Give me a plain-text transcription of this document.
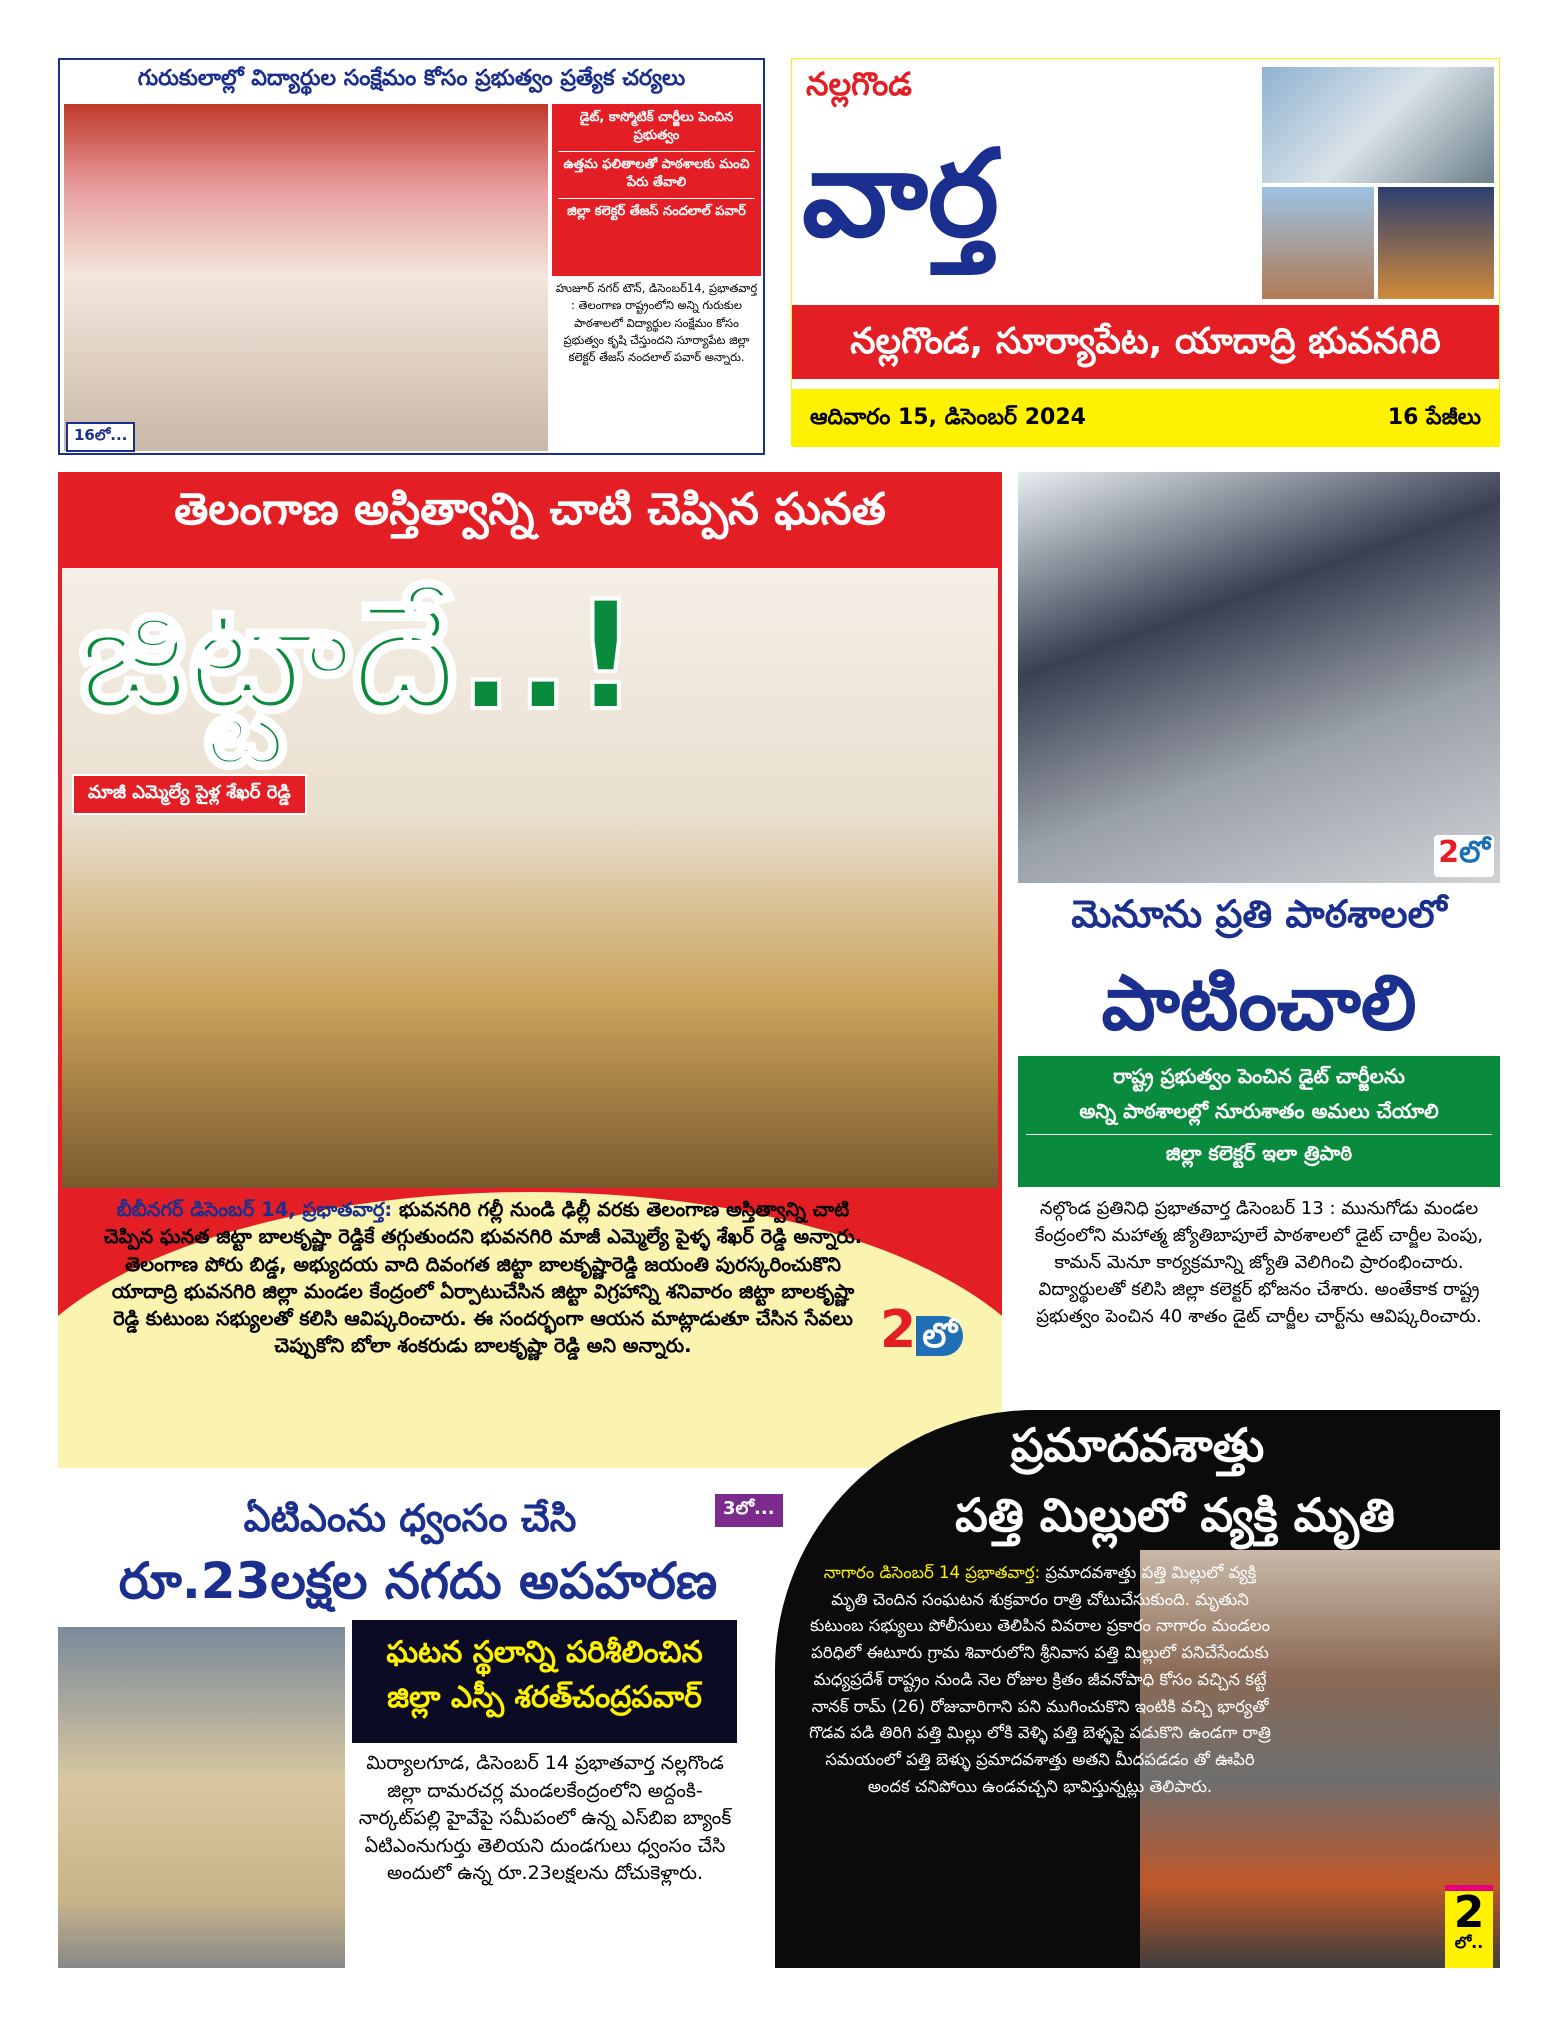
గురుకులాల్లో విద్యార్థుల సంక్షేమం కోసం ప్రభుత్వం ప్రత్యేక చర్యలు
డైట్, కాస్మోటిక్ చార్జీలు పెంచిన ప్రభుత్వం
ఉత్తమ ఫలితాలతో పాఠశాలకు మంచి పేరు తేవాలి
జిల్లా కలెక్టర్ తేజస్ నందలాల్ పవార్

హుజూర్ నగర్ టౌన్, డిసెంబర్14, ప్రభాతవార్త : తెలంగాణ రాష్ట్రంలోని అన్ని గురుకుల పాఠశాలలో విద్యార్థుల సంక్షేమం కోసం ప్రభుత్వం కృషి చేస్తుందని సూర్యాపేట జిల్లా కలెక్టర్ తేజస్ నందలాల్ పవార్ అన్నారు.

16లో...
నల్లగొండ
వార్త
నల్లగొండ, సూర్యాపేట, యాదాద్రి భువనగిరి
ఆదివారం 15, డిసెంబర్ 2024	16 పేజీలు
తెలంగాణ అస్తిత్వాన్ని చాటి చెప్పిన ఘనత
జిట్టాదే..!
మాజీ ఎమ్మెల్యే పైళ్ల శేఖర్ రెడ్డి

బీబీనగర్ డిసెంబర్ 14, ప్రభాతవార్త: భువనగిరి గల్లీ నుండి ఢిల్లీ వరకు తెలంగాణ అస్తిత్వాన్ని చాటి చెప్పిన ఘనత జిట్టా బాలకృష్ణా రెడ్డికే తగ్గుతుందని భువనగిరి మాజీ ఎమ్మెల్యే పైళ్ళ శేఖర్ రెడ్డి అన్నారు. తెలంగాణ పోరు బిడ్డ, అభ్యుదయ వాది దివంగత జిట్టా బాలకృష్ణారెడ్డి జయంతి పురస్కరించుకొని యాదాద్రి భువనగిరి జిల్లా మండల కేంద్రంలో ఏర్పాటుచేసిన జిట్టా విగ్రహాన్ని శనివారం జిట్టా బాలకృష్ణా రెడ్డి కుటుంబ సభ్యులతో కలిసి ఆవిష్కరించారు. ఈ సందర్భంగా ఆయన మాట్లాడుతూ చేసిన సేవలు చెప్పుకోని బోలా శంకరుడు బాలకృష్ణా రెడ్డి అని అన్నారు.	2 లో
2లో
మెనూను ప్రతి పాఠశాలలో
పాటించాలి
రాష్ట్ర ప్రభుత్వం పెంచిన డైట్ చార్జీలను
అన్ని పాఠశాలల్లో నూరుశాతం అమలు చేయాలి
జిల్లా కలెక్టర్ ఇలా త్రిపాఠి

నల్గొండ ప్రతినిధి ప్రభాతవార్త డిసెంబర్ 13 : మునుగోడు మండల కేంద్రంలోని మహాత్మ జ్యోతిబాపూలే పాఠశాలలో డైట్ చార్జీల పెంపు, కామన్ మెనూ కార్యక్రమాన్ని జ్యోతి వెలిగించి ప్రారంభించారు. విద్యార్థులతో కలిసి జిల్లా కలెక్టర్ భోజనం చేశారు. అంతేకాక రాష్ట్ర ప్రభుత్వం పెంచిన 40 శాతం డైట్ చార్జీల చార్ట్‌ను ఆవిష్కరించారు.

ఏటిఎంను ధ్వంసం చేసి	3లో...
రూ.23లక్షల నగదు అపహరణ
ఘటన స్థలాన్ని పరిశీలించిన
జిల్లా ఎస్పీ శరత్‌చంద్రపవార్

మిర్యాలగూడ, డిసెంబర్ 14 ప్రభాతవార్త నల్లగొండ జిల్లా దామరచర్ల మండలకేంద్రంలోని అద్దంకి-నార్కట్‌పల్లి హైవేపై సమీపంలో ఉన్న ఎస్‌బిఐ బ్యాంక్ ఏటిఎంనుగుర్తు తెలియని దుండగులు ధ్వంసం చేసి అందులో ఉన్న రూ.23లక్షలను దోచుకెళ్లారు.

ప్రమాదవశాత్తు
పత్తి మిల్లులో వ్యక్తి మృతి

నాగారం డిసెంబర్ 14 ప్రభాతవార్త: ప్రమాదవశాత్తు పత్తి మిల్లులో వ్యక్తి మృతి చెందిన సంఘటన శుక్రవారం రాత్రి చోటుచేసుకుంది. మృతుని కుటుంబ సభ్యులు పోలీసులు తెలిపిన వివరాల ప్రకారం నాగారం మండలం పరిధిలో ఈటూరు గ్రామ శివారులోని శ్రీనివాస పత్తి మిల్లులో పనిచేసేందుకు మధ్యప్రదేశ్ రాష్ట్రం నుండి నెల రోజుల క్రితం జీవనోపాధి కోసం వచ్చిన కట్టే నానక్ రామ్ (26) రోజువారిగాని పని ముగించుకొని ఇంటికి వచ్చి భార్యతో గొడవ పడి తిరిగి పత్తి మిల్లు లోకి వెళ్ళి పత్తి బెళ్ళపై పడుకొని ఉండగా రాత్రి సమయంలో పత్తి బెళ్ళు ప్రమాదవశాత్తు అతని మీదపడడం తో ఊపిరి అందక చనిపోయి ఉండవచ్చని భావిస్తున్నట్లు తెలిపారు.

2
లో..
